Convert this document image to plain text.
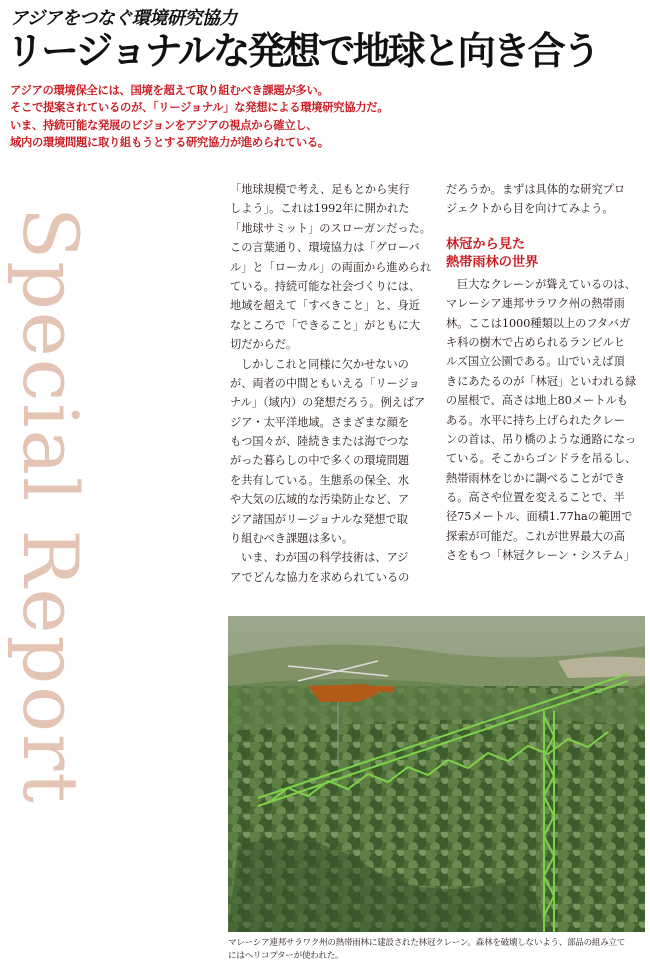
アジアをつなぐ環境研究協力
リージョナルな発想で地球と向き合う
アジアの環境保全には、国境を超えて取り組むべき課題が多い。
そこで提案されているのが、「リージョナル」な発想による環境研究協力だ。
いま、持続可能な発展のビジョンをアジアの視点から確立し、
域内の環境問題に取り組もうとする研究協力が進められている。
Special Report
「地球規模で考え、足もとから実行
しよう」。これは1992年に開かれた
「地球サミット」のスローガンだった。
この言葉通り、環境協力は「グローバ
ル」と「ローカル」の両面から進められ
ている。持続可能な社会づくりには、
地域を超えて「すべきこと」と、身近
なところで「できること」がともに大
切だからだ。
しかしこれと同様に欠かせないの
が、両者の中間ともいえる「リージョ
ナル」（域内）の発想だろう。例えばア
ジア・太平洋地域。さまざまな顔を
もつ国々が、陸続きまたは海でつな
がった暮らしの中で多くの環境問題
を共有している。生態系の保全、水
や大気の広域的な汚染防止など、ア
ジア諸国がリージョナルな発想で取
り組むべき課題は多い。
いま、わが国の科学技術は、アジ
アでどんな協力を求められているの
だろうか。まずは具体的な研究プロ
ジェクトから目を向けてみよう。
林冠から見た
熱帯雨林の世界
巨大なクレーンが聳えているのは、
マレーシア連邦サラワク州の熱帯雨
林。ここは1000種類以上のフタバガ
キ科の樹木で占められるランビルヒ
ルズ国立公園である。山でいえば頂
きにあたるのが「林冠」といわれる緑
の屋根で、高さは地上80メートルも
ある。水平に持ち上げられたクレー
ンの首は、吊り橋のような通路になっ
ている。そこからゴンドラを吊るし、
熱帯雨林をじかに調べることができ
る。高さや位置を変えることで、半
径75メートル、面積1.77haの範囲で
探索が可能だ。これが世界最大の高
さをもつ「林冠クレーン・システム」
マレーシア連邦サラワク州の熱帯雨林に建設された林冠クレーン。森林を破壊しないよう、部品の組み立て
にはヘリコプターが使われた。
